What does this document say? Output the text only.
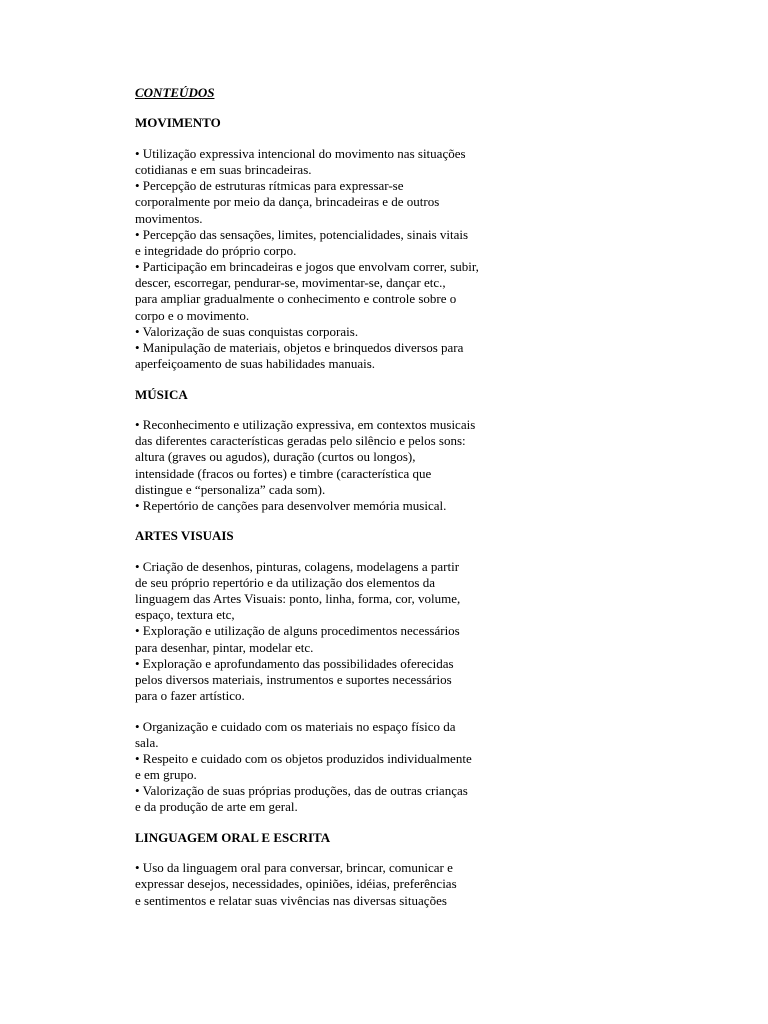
CONTEÚDOS
MOVIMENTO
• Utilização expressiva intencional do movimento nas situações
cotidianas e em suas brincadeiras.
• Percepção de estruturas rítmicas para expressar-se
corporalmente por meio da dança, brincadeiras e de outros
movimentos.
• Percepção das sensações, limites, potencialidades, sinais vitais
e integridade do próprio corpo.
• Participação em brincadeiras e jogos que envolvam correr, subir,
descer, escorregar, pendurar-se, movimentar-se, dançar etc.,
para ampliar gradualmente o conhecimento e controle sobre o
corpo e o movimento.
• Valorização de suas conquistas corporais.
• Manipulação de materiais, objetos e brinquedos diversos para
aperfeiçoamento de suas habilidades manuais.
MÚSICA
• Reconhecimento e utilização expressiva, em contextos musicais
das diferentes características geradas pelo silêncio e pelos sons:
altura (graves ou agudos), duração (curtos ou longos),
intensidade (fracos ou fortes) e timbre (característica que
distingue e “personaliza” cada som).
• Repertório de canções para desenvolver memória musical.
ARTES VISUAIS
• Criação de desenhos, pinturas, colagens, modelagens a partir
de seu próprio repertório e da utilização dos elementos da
linguagem das Artes Visuais: ponto, linha, forma, cor, volume,
espaço, textura etc,
• Exploração e utilização de alguns procedimentos necessários
para desenhar, pintar, modelar etc.
• Exploração e aprofundamento das possibilidades oferecidas
pelos diversos materiais, instrumentos e suportes necessários
para o fazer artístico.
• Organização e cuidado com os materiais no espaço físico da
sala.
• Respeito e cuidado com os objetos produzidos individualmente
e em grupo.
• Valorização de suas próprias produções, das de outras crianças
e da produção de arte em geral.
LINGUAGEM ORAL E ESCRITA
• Uso da linguagem oral para conversar, brincar, comunicar e
expressar desejos, necessidades, opiniões, idéias, preferências
e sentimentos e relatar suas vivências nas diversas situações
